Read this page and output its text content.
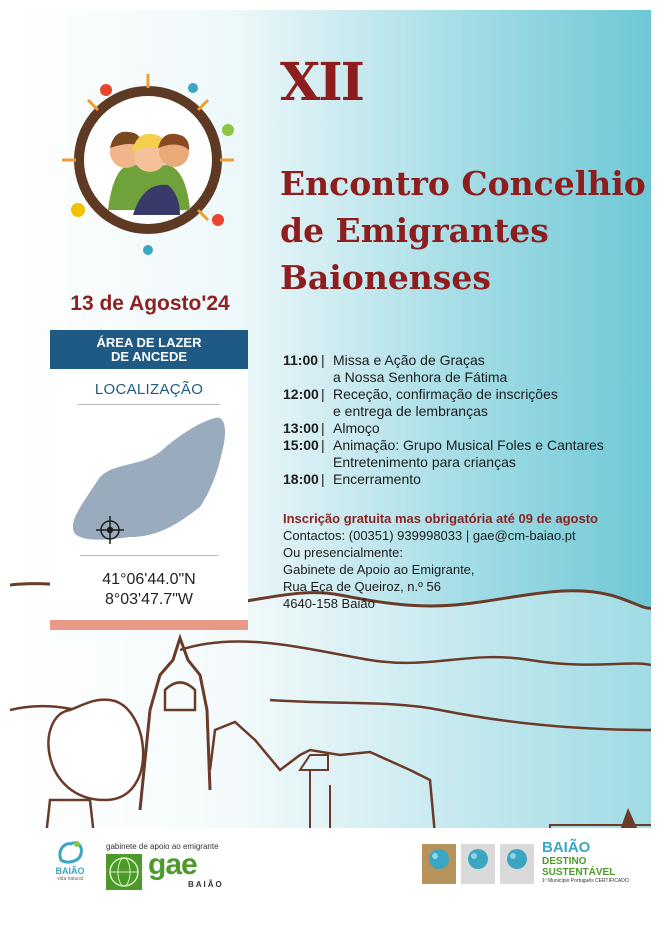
13 de Agosto'24
ÁREA DE LAZER
DE ANCEDE
LOCALIZAÇÃO
41°06'44.0"N
8°03'47.7"W
XII
Encontro Concelhio
de Emigrantes
Baionenses
11:00 | Missa e Ação de Graças
a Nossa Senhora de Fátima
12:00 | Receção, confirmação de inscrições
e entrega de lembranças
13:00 | Almoço
15:00 | Animação: Grupo Musical Foles e Cantares
Entretenimento para crianças
18:00 | Encerramento
Inscrição gratuita mas obrigatória até 09 de agosto
Contactos: (00351) 939998033 | gae@cm-baiao.pt
Ou presencialmente:
Gabinete de Apoio ao Emigrante,
Rua Eça de Queiroz, n.º 56
4640-158 Baião
BAIÃO
vida natural
gabinete de apoio ao emigrante
gae
BAIÃO
BAIÃO
DESTINO
SUSTENTÁVEL
1º Município Português CERTIFICADO
